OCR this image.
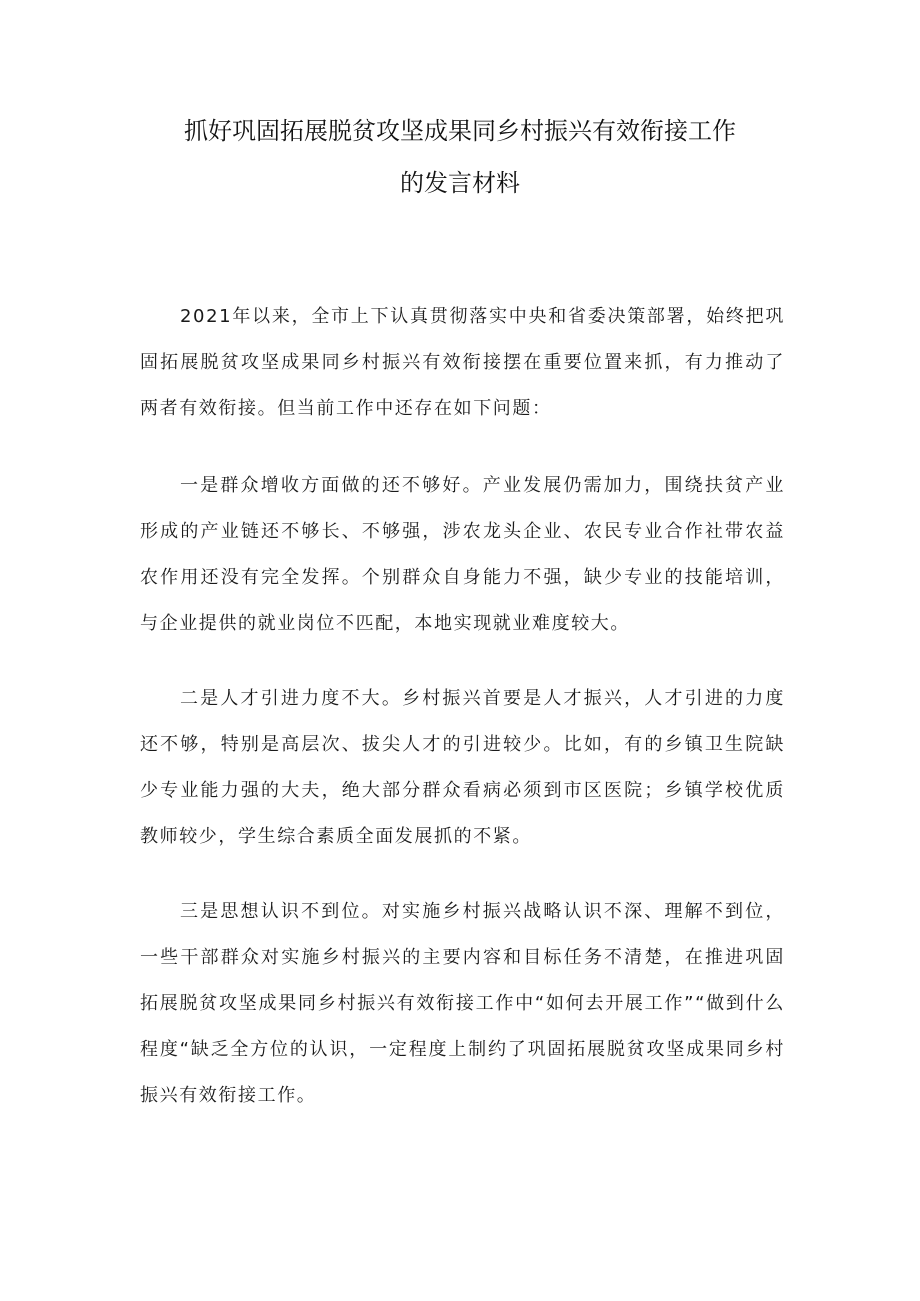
抓好巩固拓展脱贫攻坚成果同乡村振兴有效衔接工作
的发言材料

2021年以来，全市上下认真贯彻落实中央和省委决策部署，始终把巩固拓展脱贫攻坚成果同乡村振兴有效衔接摆在重要位置来抓，有力推动了两者有效衔接。但当前工作中还存在如下问题：

一是群众增收方面做的还不够好。产业发展仍需加力，围绕扶贫产业形成的产业链还不够长、不够强，涉农龙头企业、农民专业合作社带农益农作用还没有完全发挥。个别群众自身能力不强，缺少专业的技能培训，与企业提供的就业岗位不匹配，本地实现就业难度较大。

二是人才引进力度不大。乡村振兴首要是人才振兴，人才引进的力度还不够，特别是高层次、拔尖人才的引进较少。比如，有的乡镇卫生院缺少专业能力强的大夫，绝大部分群众看病必须到市区医院；乡镇学校优质教师较少，学生综合素质全面发展抓的不紧。

三是思想认识不到位。对实施乡村振兴战略认识不深、理解不到位，一些干部群众对实施乡村振兴的主要内容和目标任务不清楚，在推进巩固拓展脱贫攻坚成果同乡村振兴有效衔接工作中“如何去开展工作”“做到什么程度“缺乏全方位的认识，一定程度上制约了巩固拓展脱贫攻坚成果同乡村振兴有效衔接工作。
